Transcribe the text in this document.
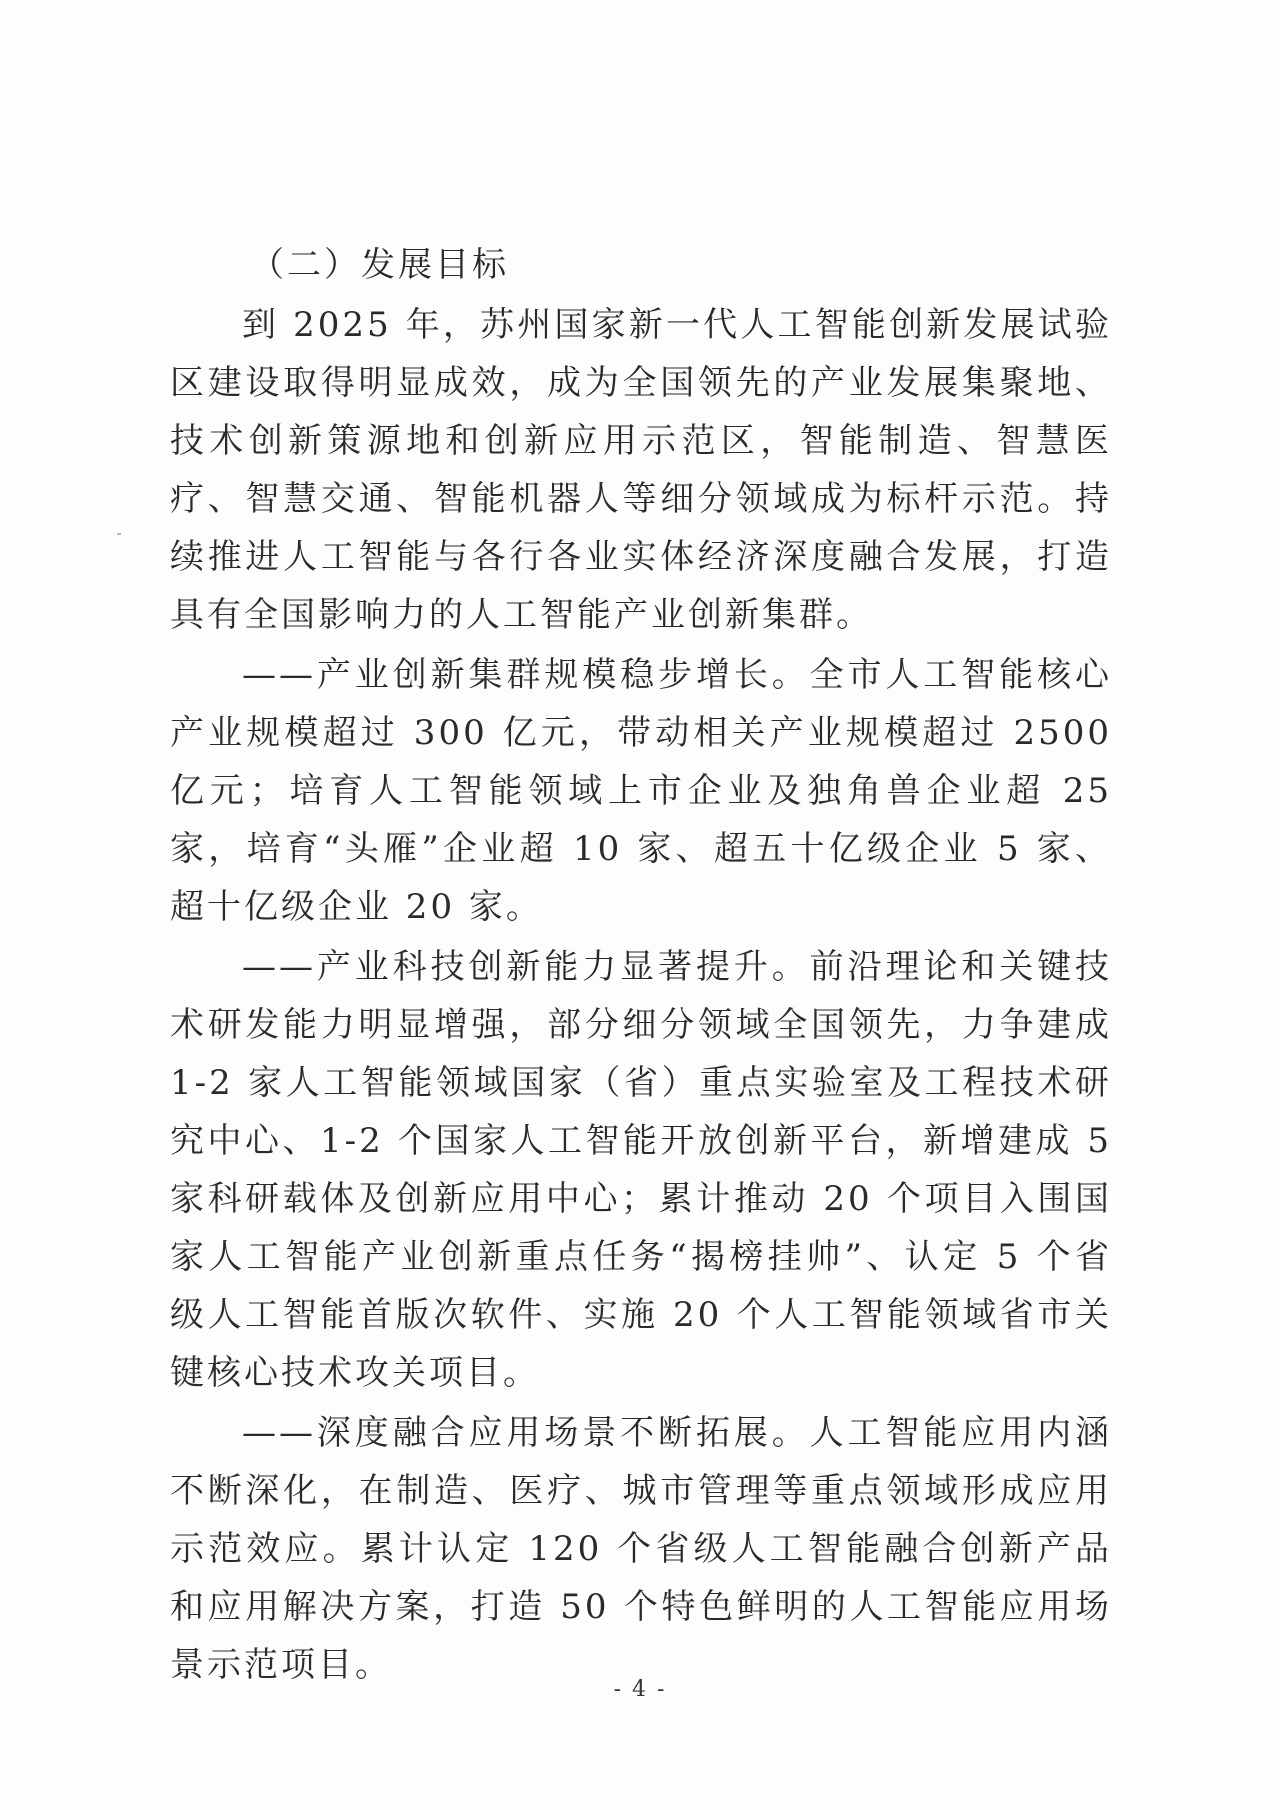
（二）发展目标

到 2025 年，苏州国家新一代人工智能创新发展试验区建设取得明显成效，成为全国领先的产业发展集聚地、技术创新策源地和创新应用示范区，智能制造、智慧医疗、智慧交通、智能机器人等细分领域成为标杆示范。持续推进人工智能与各行各业实体经济深度融合发展，打造具有全国影响力的人工智能产业创新集群。

——产业创新集群规模稳步增长。全市人工智能核心产业规模超过 300 亿元，带动相关产业规模超过 2500 亿元；培育人工智能领域上市企业及独角兽企业超 25 家，培育“头雁”企业超 10 家、超五十亿级企业 5 家、超十亿级企业 20 家。

——产业科技创新能力显著提升。前沿理论和关键技术研发能力明显增强，部分细分领域全国领先，力争建成 1-2 家人工智能领域国家（省）重点实验室及工程技术研究中心、1-2 个国家人工智能开放创新平台，新增建成 5 家科研载体及创新应用中心；累计推动 20 个项目入围国家人工智能产业创新重点任务“揭榜挂帅”、认定 5 个省级人工智能首版次软件、实施 20 个人工智能领域省市关键核心技术攻关项目。

——深度融合应用场景不断拓展。人工智能应用内涵不断深化，在制造、医疗、城市管理等重点领域形成应用示范效应。累计认定 120 个省级人工智能融合创新产品和应用解决方案，打造 50 个特色鲜明的人工智能应用场景示范项目。

- 4 -
